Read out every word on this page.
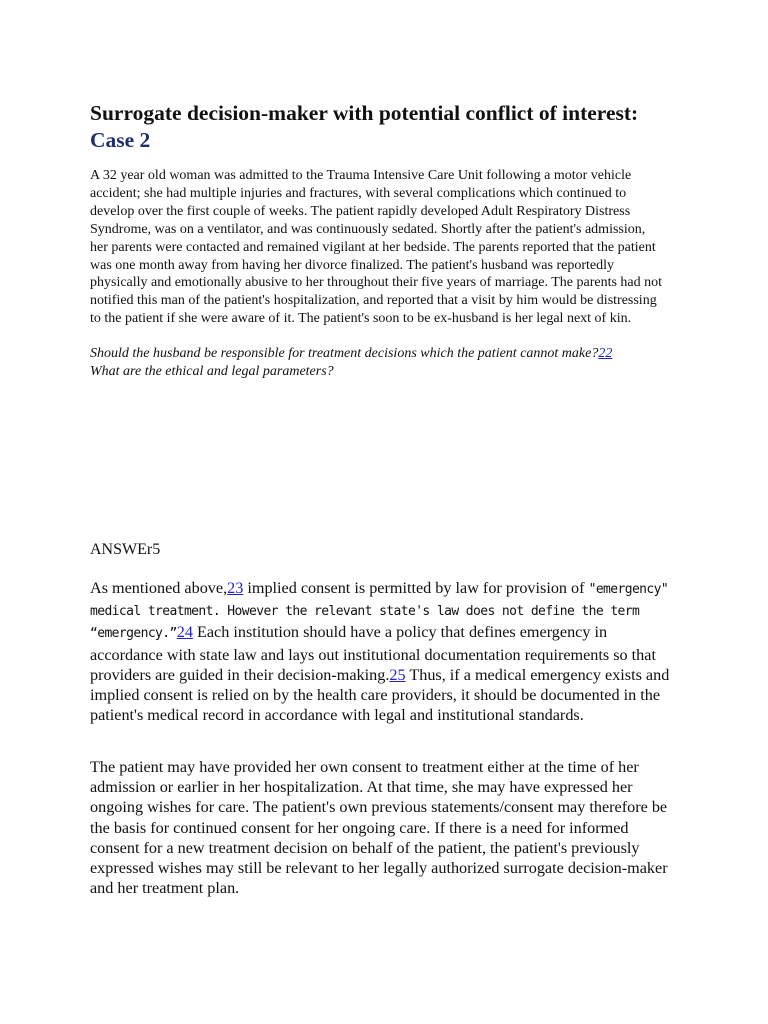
Surrogate decision-maker with potential conflict of interest:
Case 2

A 32 year old woman was admitted to the Trauma Intensive Care Unit following a motor vehicle accident; she had multiple injuries and fractures, with several complications which continued to develop over the first couple of weeks. The patient rapidly developed Adult Respiratory Distress Syndrome, was on a ventilator, and was continuously sedated. Shortly after the patient's admission, her parents were contacted and remained vigilant at her bedside. The parents reported that the patient was one month away from having her divorce finalized. The patient's husband was reportedly physically and emotionally abusive to her throughout their five years of marriage. The parents had not notified this man of the patient's hospitalization, and reported that a visit by him would be distressing to the patient if she were aware of it. The patient's soon to be ex-husband is her legal next of kin.

Should the husband be responsible for treatment decisions which the patient cannot make?22
What are the ethical and legal parameters?

ANSWEr5

As mentioned above,23 implied consent is permitted by law for provision of "emergency" medical treatment. However the relevant state's law does not define the term “emergency.”24 Each institution should have a policy that defines emergency in accordance with state law and lays out institutional documentation requirements so that providers are guided in their decision-making.25 Thus, if a medical emergency exists and implied consent is relied on by the health care providers, it should be documented in the patient's medical record in accordance with legal and institutional standards.

The patient may have provided her own consent to treatment either at the time of her admission or earlier in her hospitalization. At that time, she may have expressed her ongoing wishes for care. The patient's own previous statements/consent may therefore be the basis for continued consent for her ongoing care. If there is a need for informed consent for a new treatment decision on behalf of the patient, the patient's previously expressed wishes may still be relevant to her legally authorized surrogate decision-maker and her treatment plan.
